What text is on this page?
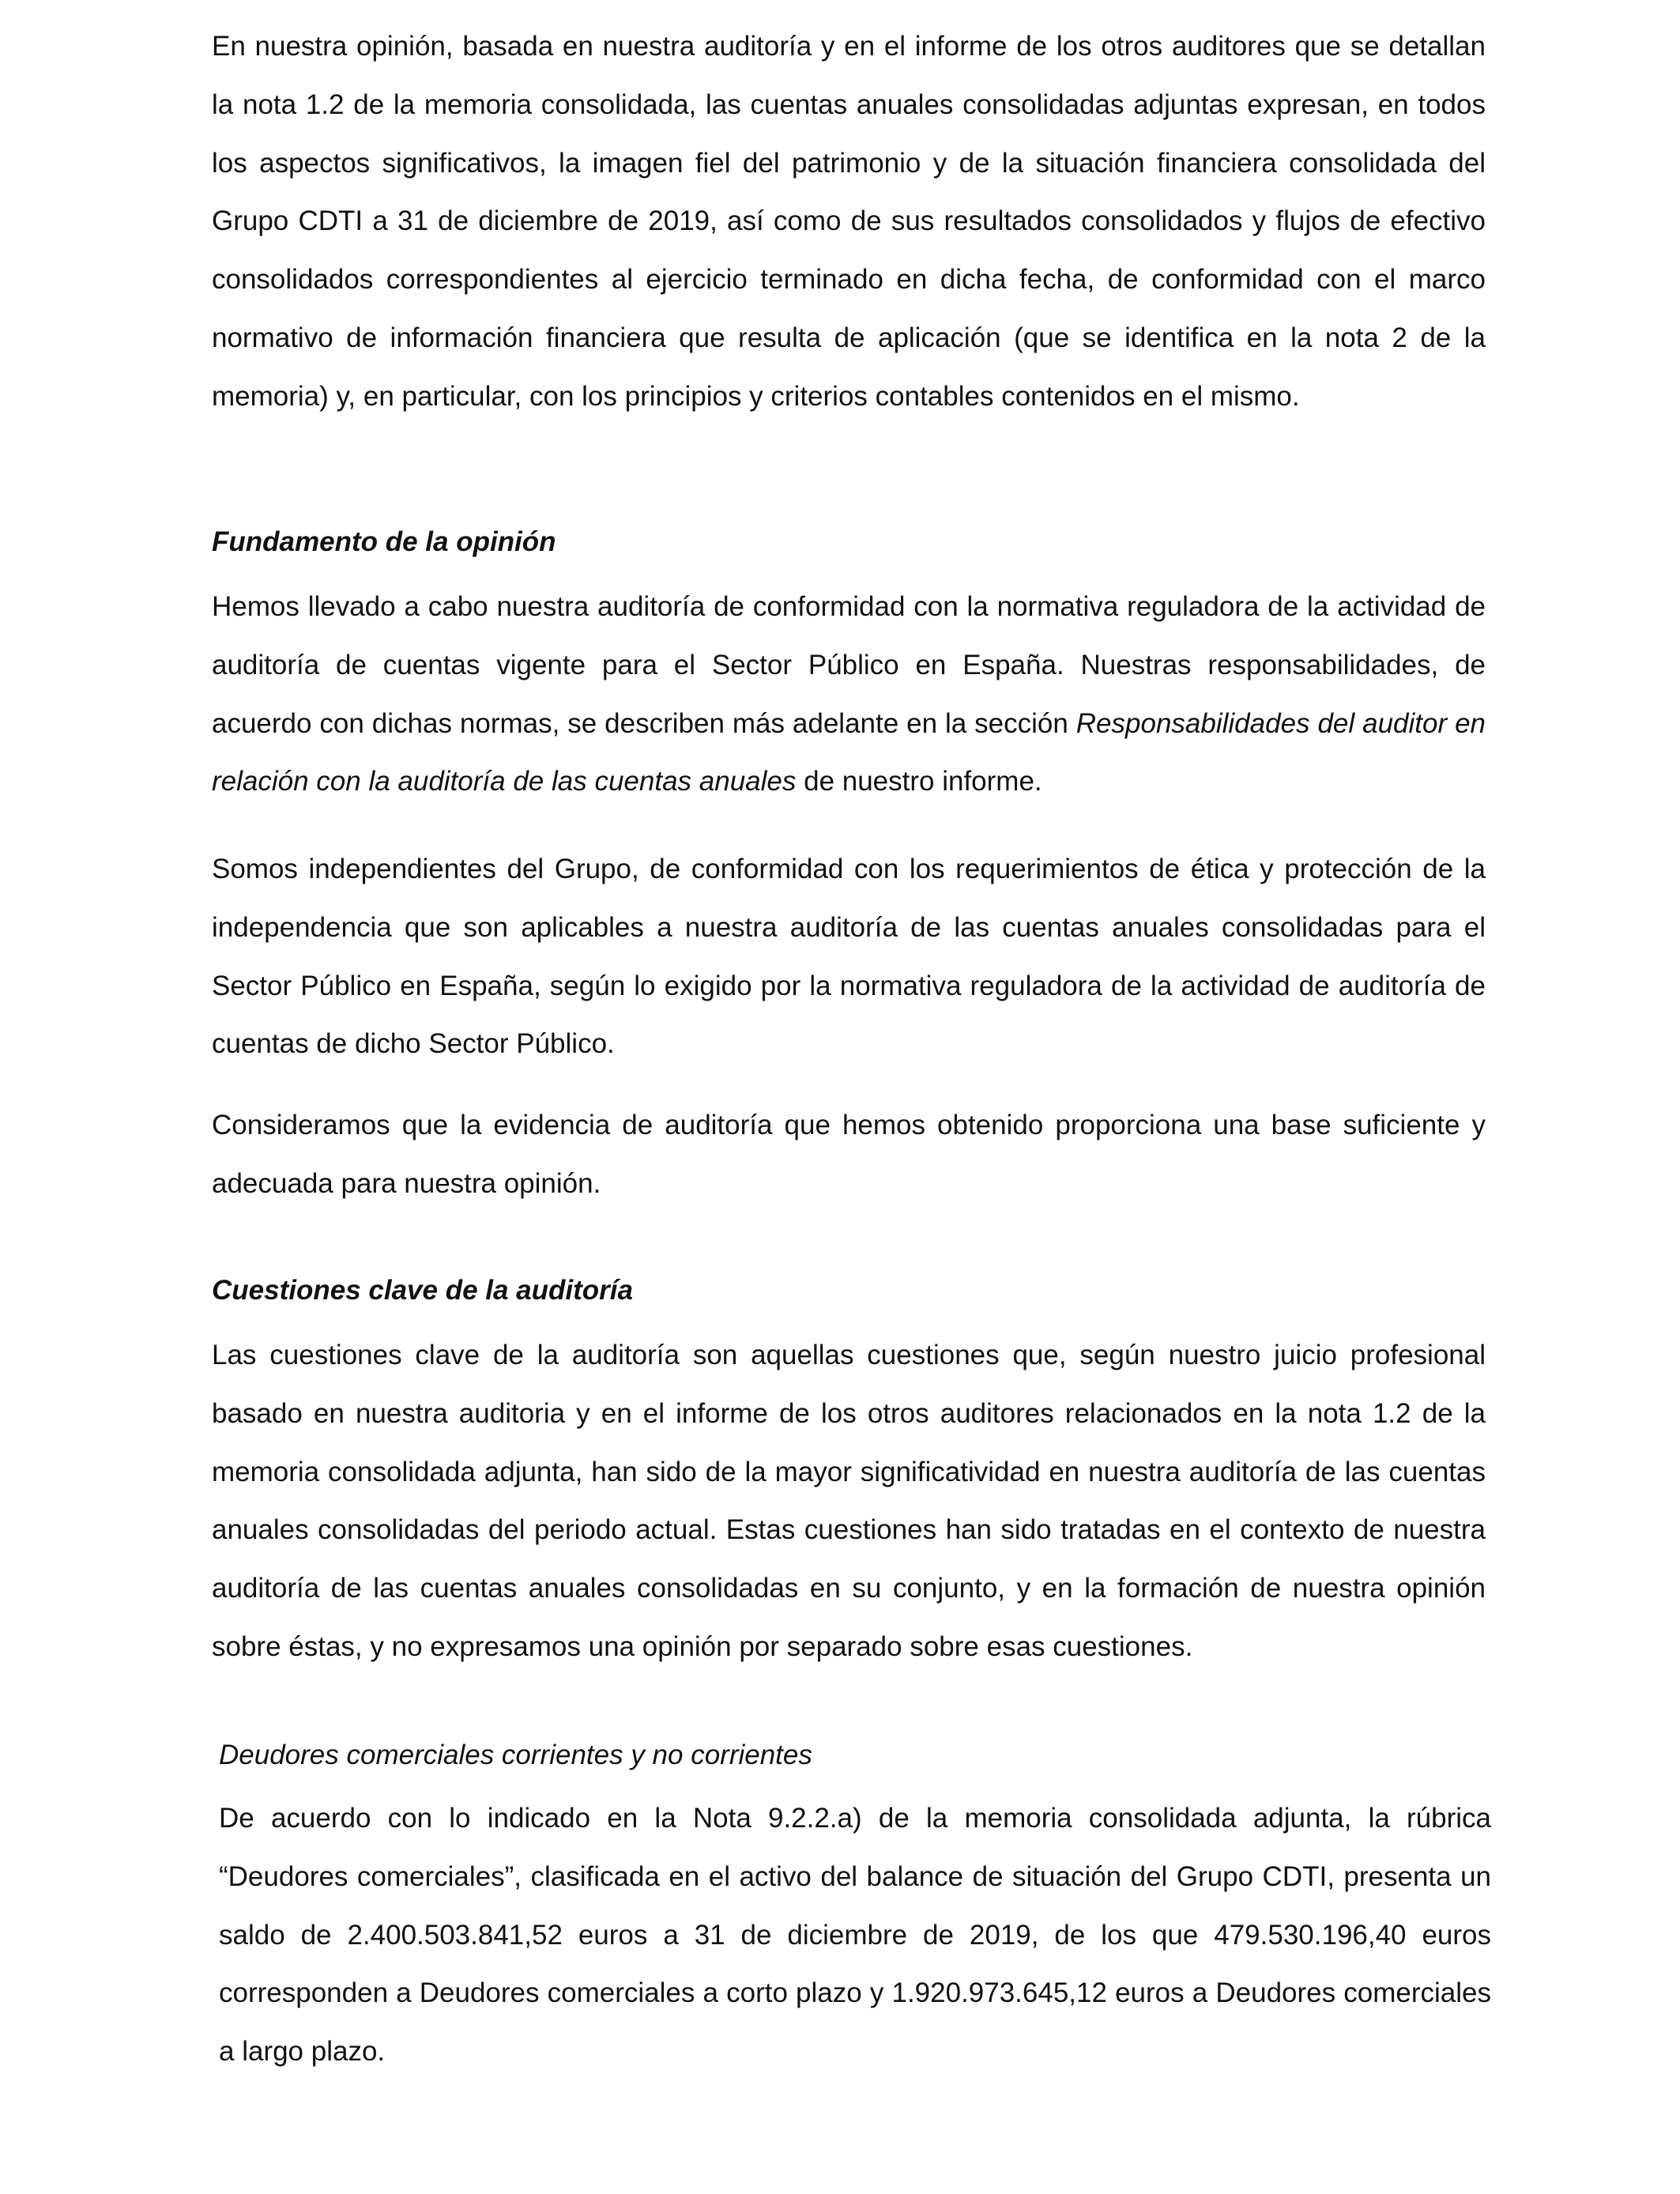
En nuestra opinión, basada en nuestra auditoría y en el informe de los otros auditores que se detallan la nota 1.2 de la memoria consolidada, las cuentas anuales consolidadas adjuntas expresan, en todos los aspectos significativos, la imagen fiel del patrimonio y de la situación financiera consolidada del Grupo CDTI a 31 de diciembre de 2019, así como de sus resultados consolidados y flujos de efectivo consolidados correspondientes al ejercicio terminado en dicha fecha, de conformidad con el marco normativo de información financiera que resulta de aplicación (que se identifica en la nota 2 de la memoria) y, en particular, con los principios y criterios contables contenidos en el mismo.

Fundamento de la opinión

Hemos llevado a cabo nuestra auditoría de conformidad con la normativa reguladora de la actividad de auditoría de cuentas vigente para el Sector Público en España. Nuestras responsabilidades, de acuerdo con dichas normas, se describen más adelante en la sección Responsabilidades del auditor en relación con la auditoría de las cuentas anuales de nuestro informe.

Somos independientes del Grupo, de conformidad con los requerimientos de ética y protección de la independencia que son aplicables a nuestra auditoría de las cuentas anuales consolidadas para el Sector Público en España, según lo exigido por la normativa reguladora de la actividad de auditoría de cuentas de dicho Sector Público.

Consideramos que la evidencia de auditoría que hemos obtenido proporciona una base suficiente y adecuada para nuestra opinión.

Cuestiones clave de la auditoría

Las cuestiones clave de la auditoría son aquellas cuestiones que, según nuestro juicio profesional basado en nuestra auditoria y en el informe de los otros auditores relacionados en la nota 1.2 de la memoria consolidada adjunta, han sido de la mayor significatividad en nuestra auditoría de las cuentas anuales consolidadas del periodo actual. Estas cuestiones han sido tratadas en el contexto de nuestra auditoría de las cuentas anuales consolidadas en su conjunto, y en la formación de nuestra opinión sobre éstas, y no expresamos una opinión por separado sobre esas cuestiones.

Deudores comerciales corrientes y no corrientes

De acuerdo con lo indicado en la Nota 9.2.2.a) de la memoria consolidada adjunta, la rúbrica “Deudores comerciales”, clasificada en el activo del balance de situación del Grupo CDTI, presenta un saldo de 2.400.503.841,52 euros a 31 de diciembre de 2019, de los que 479.530.196,40 euros corresponden a Deudores comerciales a corto plazo y 1.920.973.645,12 euros a Deudores comerciales a largo plazo.
